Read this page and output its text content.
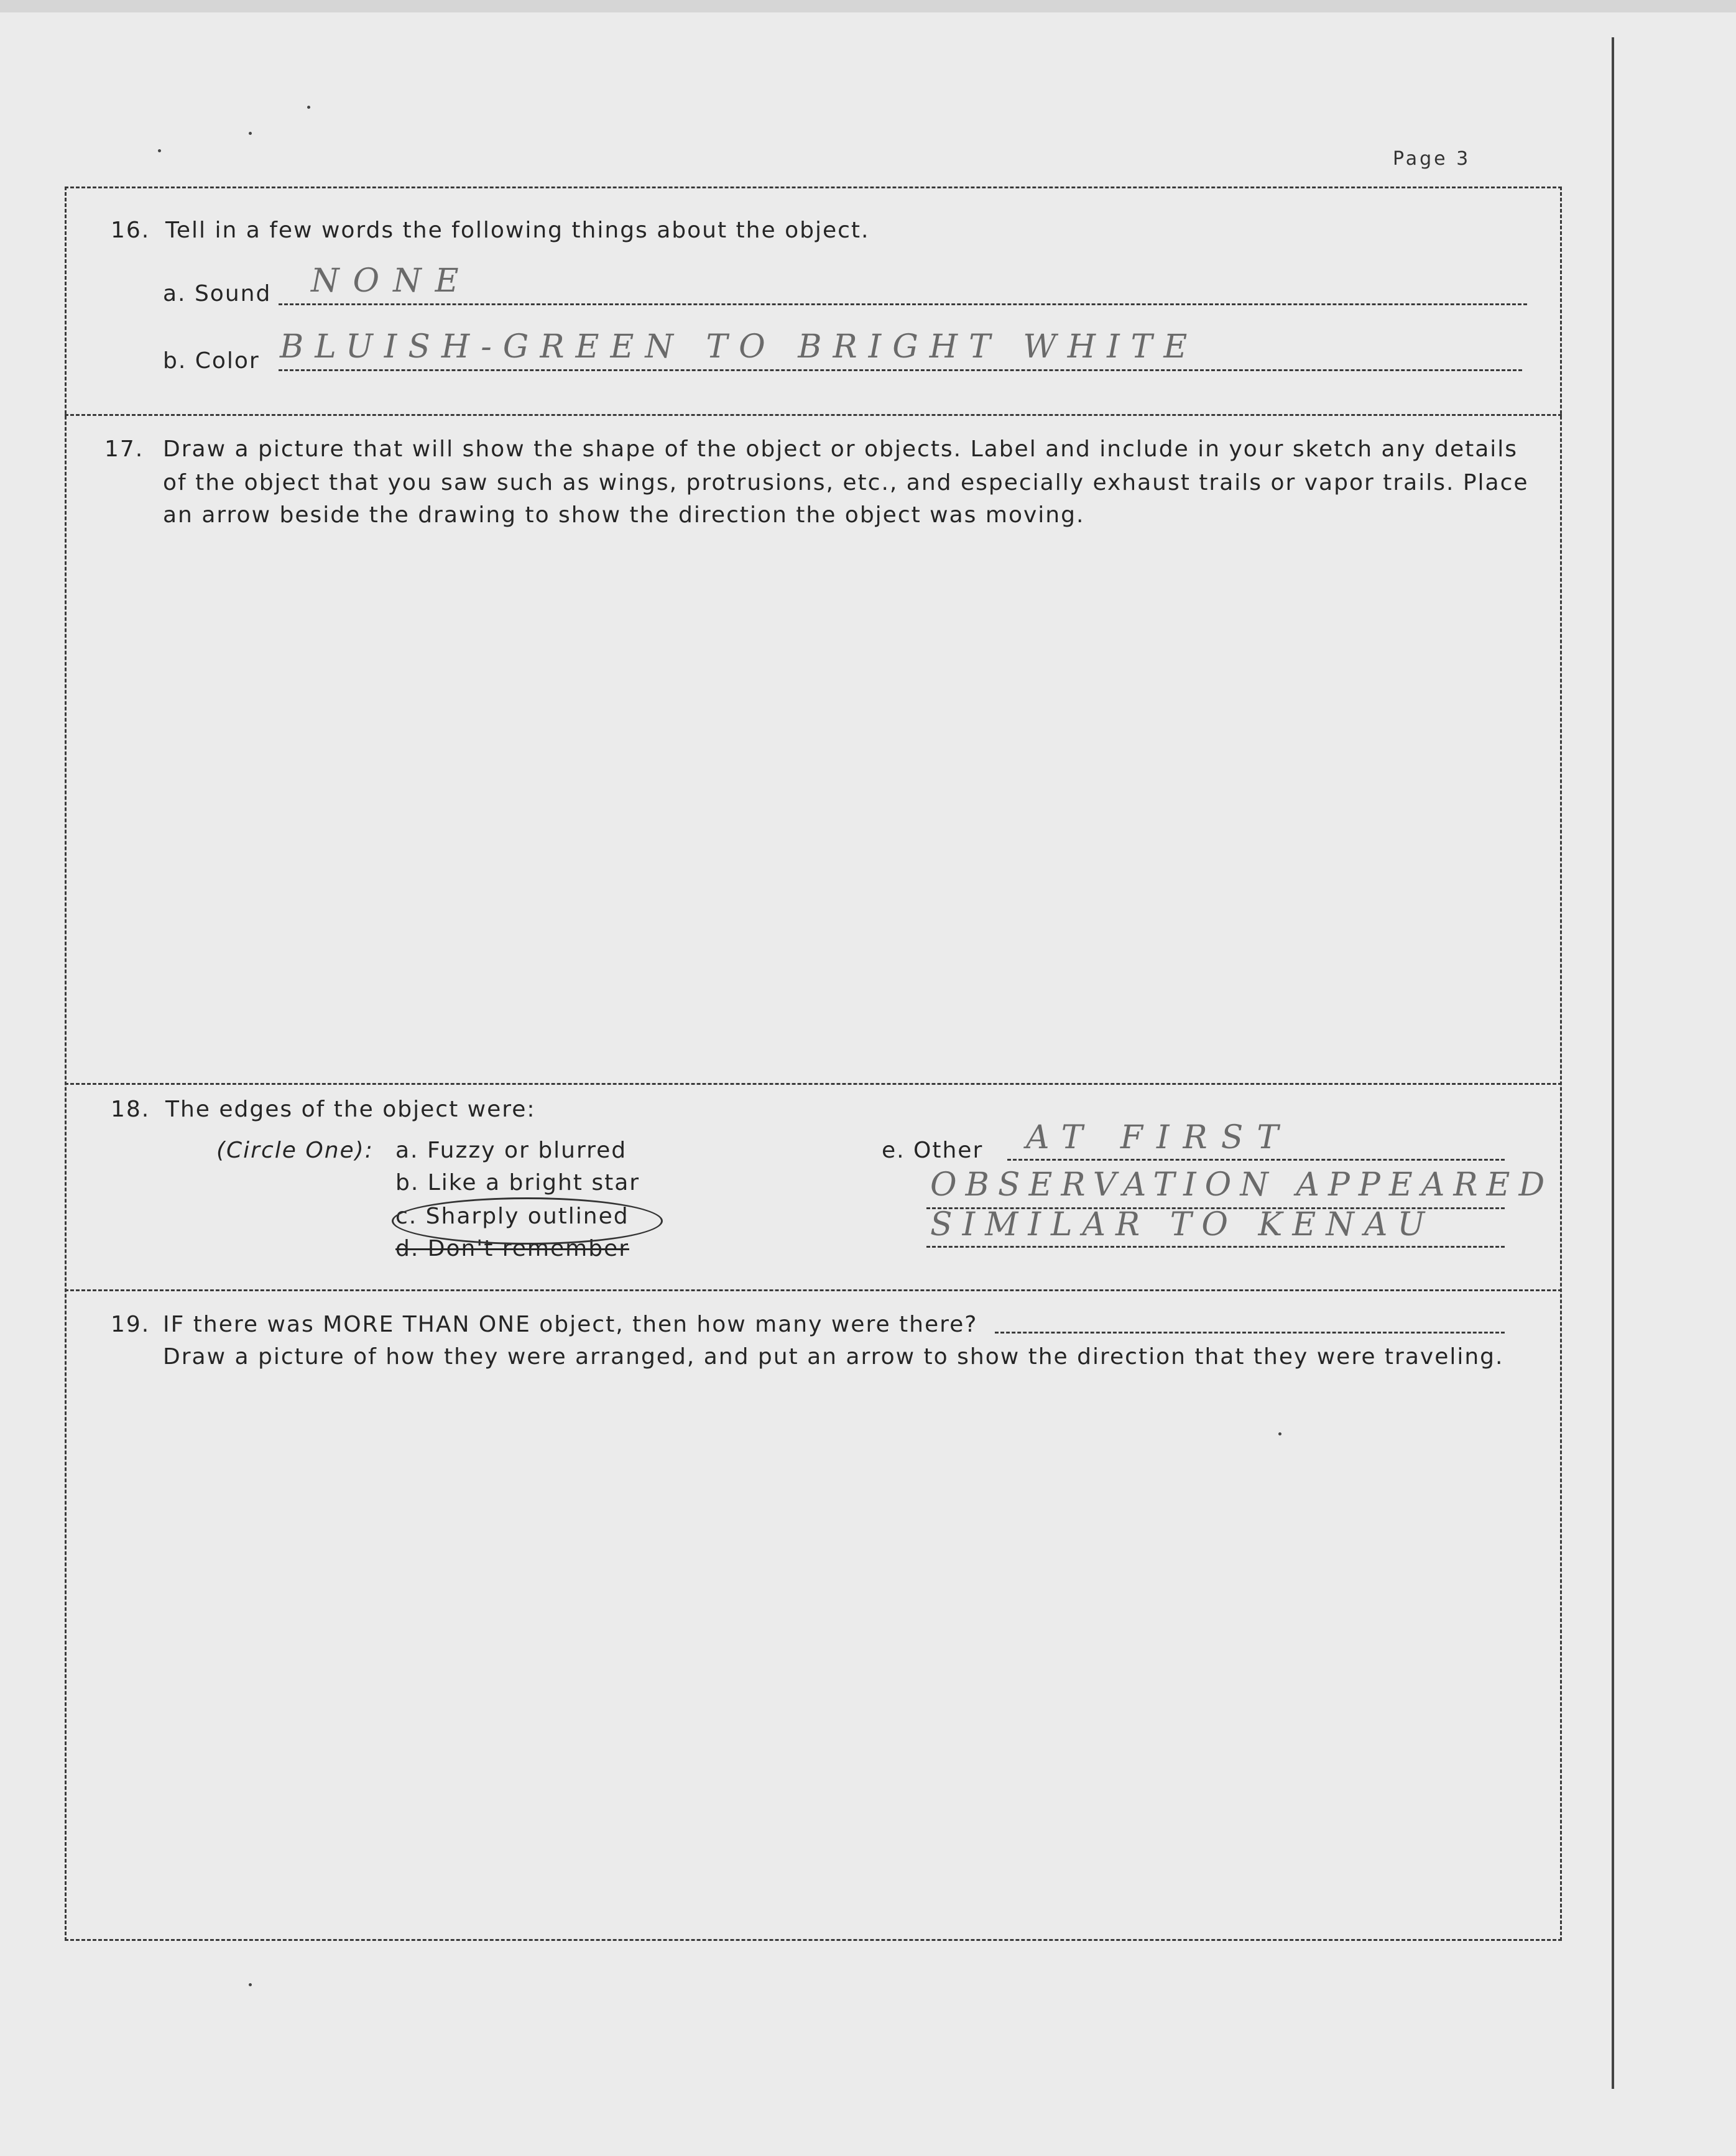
Page 3
16. Tell in a few words the following things about the object.
a. Sound NONE
b. Color BLUISH-GREEN TO BRIGHT WHITE
17. Draw a picture that will show the shape of the object or objects. Label and include in your sketch any details
of the object that you saw such as wings, protrusions, etc., and especially exhaust trails or vapor trails. Place
an arrow beside the drawing to show the direction the object was moving.
18. The edges of the object were:
(Circle One): a. Fuzzy or blurred
b. Like a bright star
c. Sharply outlined
d. Don't remember
e. Other AT FIRST
OBSERVATION APPEARED
SIMILAR TO KENAU
19. IF there was MORE THAN ONE object, then how many were there?
Draw a picture of how they were arranged, and put an arrow to show the direction that they were traveling.
